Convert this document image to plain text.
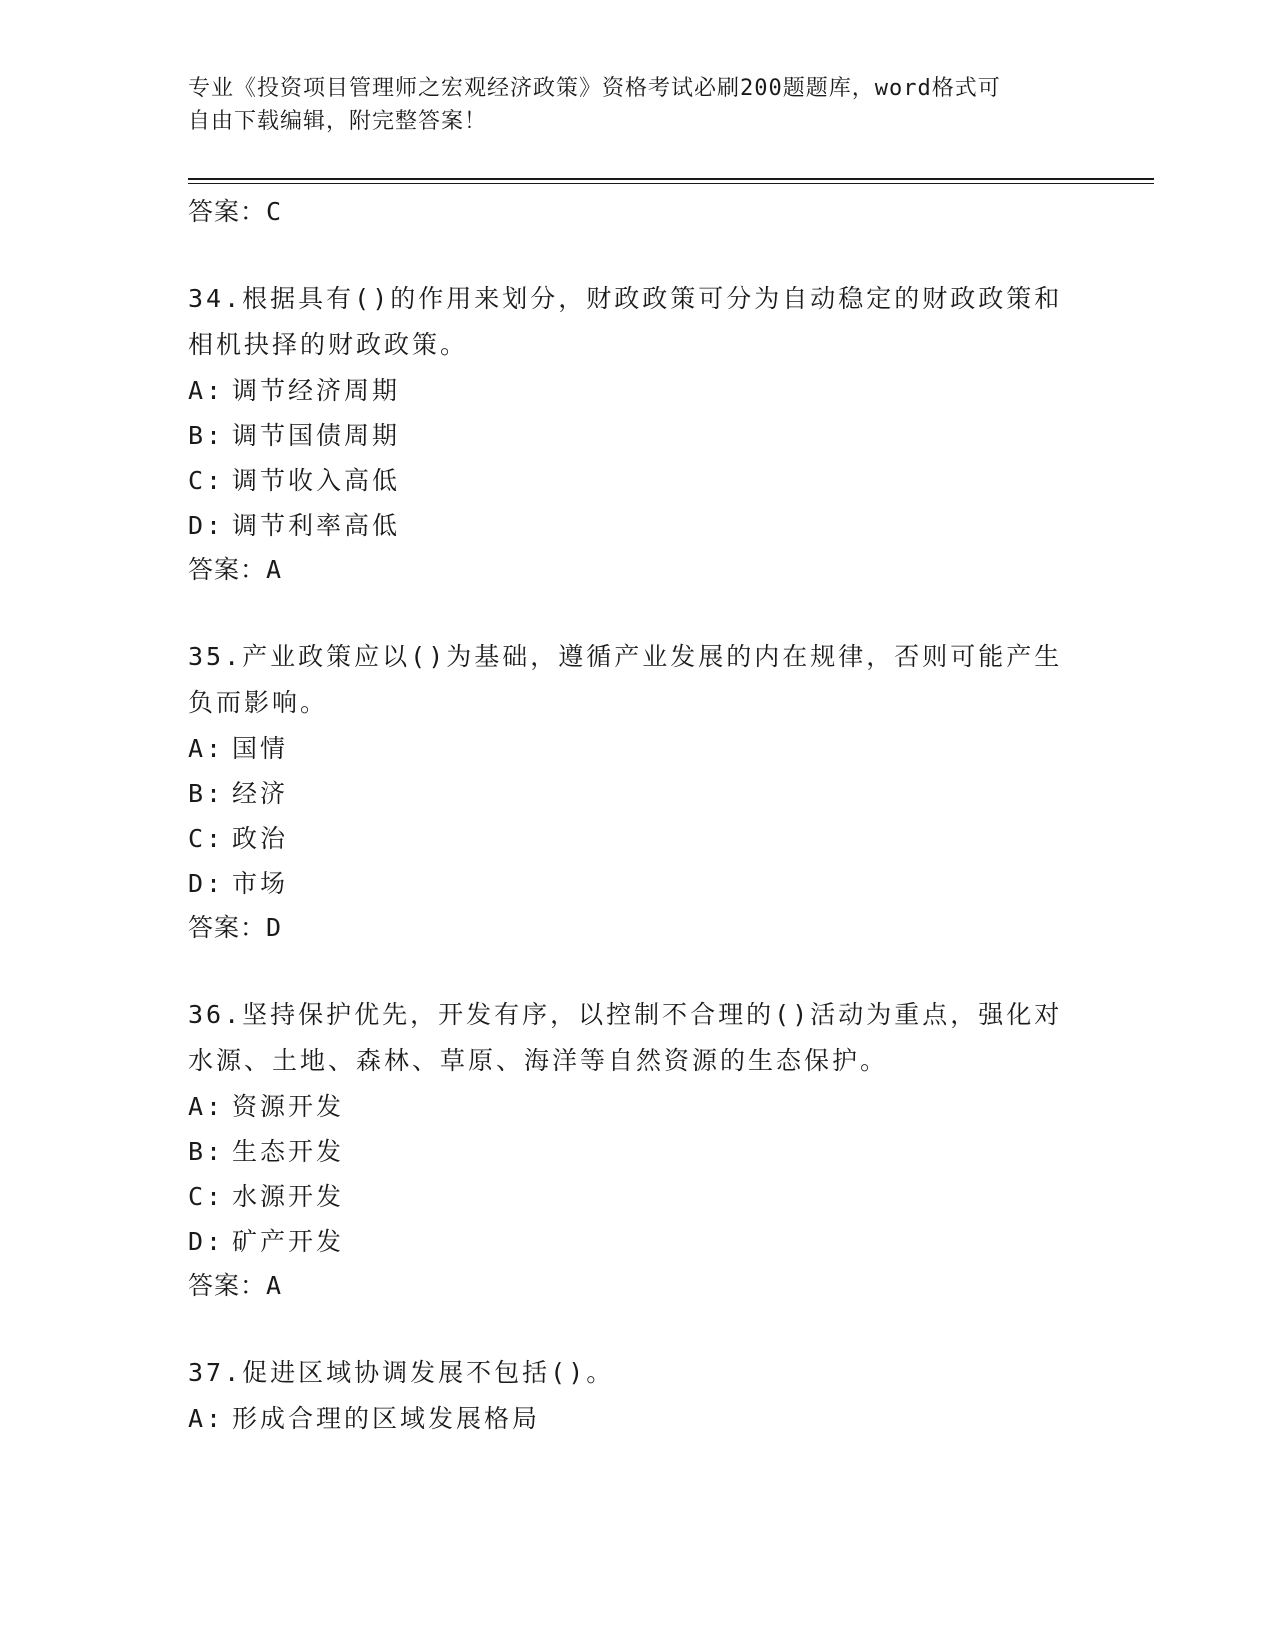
专业《投资项目管理师之宏观经济政策》资格考试必刷200题题库，word格式可
自由下载编辑，附完整答案！
答案：C
34.根据具有()的作用来划分，财政政策可分为自动稳定的财政政策和相机抉择的财政政策。
A: 调节经济周期
B: 调节国债周期
C: 调节收入高低
D: 调节利率高低
答案：A
35.产业政策应以()为基础，遵循产业发展的内在规律，否则可能产生负而影响。
A: 国情
B: 经济
C: 政治
D: 市场
答案：D
36.坚持保护优先，开发有序，以控制不合理的()活动为重点，强化对水源、土地、森林、草原、海洋等自然资源的生态保护。
A: 资源开发
B: 生态开发
C: 水源开发
D: 矿产开发
答案：A
37.促进区域协调发展不包括()。
A: 形成合理的区域发展格局
